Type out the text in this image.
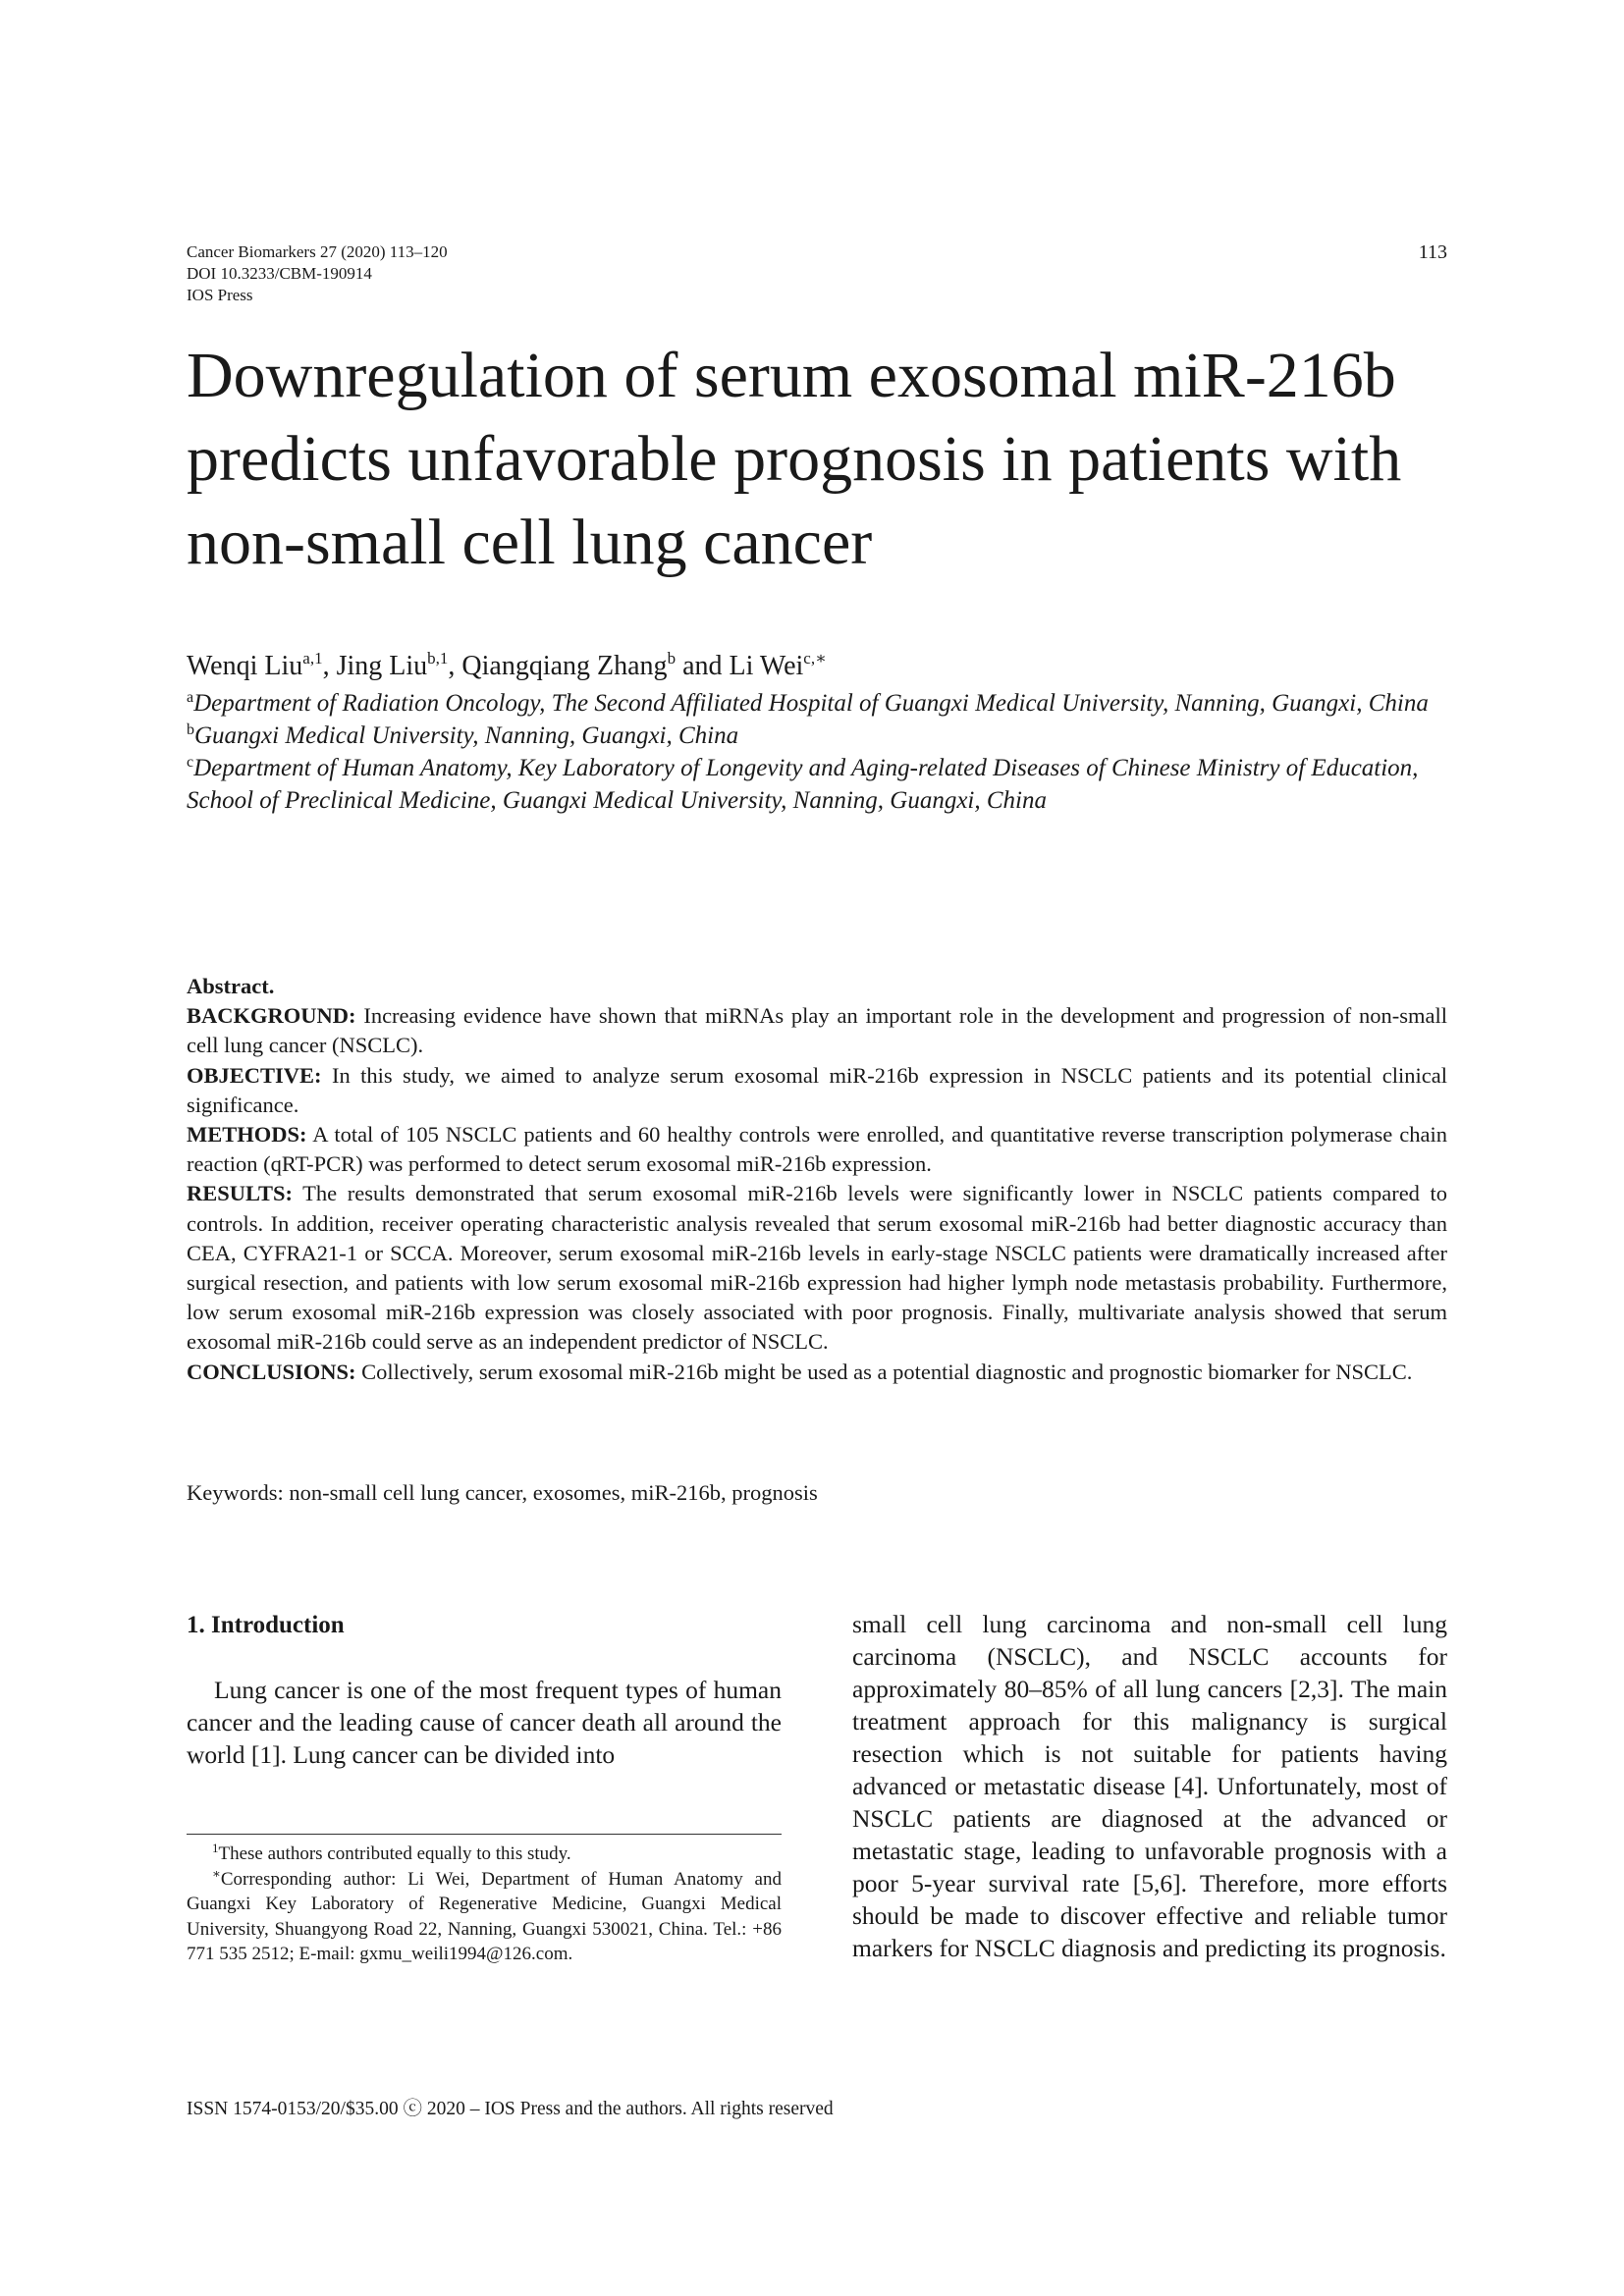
Cancer Biomarkers 27 (2020) 113–120
DOI 10.3233/CBM-190914
IOS Press
113
Downregulation of serum exosomal miR-216b predicts unfavorable prognosis in patients with non-small cell lung cancer
Wenqi Liu$^{a,1}$, Jing Liu$^{b,1}$, Qiangqiang Zhang$^b$ and Li Wei$^{c,∗}$
$^a$Department of Radiation Oncology, The Second Affiliated Hospital of Guangxi Medical University, Nanning, Guangxi, China
$^b$Guangxi Medical University, Nanning, Guangxi, China
$^c$Department of Human Anatomy, Key Laboratory of Longevity and Aging-related Diseases of Chinese Ministry of Education, School of Preclinical Medicine, Guangxi Medical University, Nanning, Guangxi, China
Abstract.

BACKGROUND: Increasing evidence have shown that miRNAs play an important role in the development and progression of non-small cell lung cancer (NSCLC).

OBJECTIVE: In this study, we aimed to analyze serum exosomal miR-216b expression in NSCLC patients and its potential clinical significance.

METHODS: A total of 105 NSCLC patients and 60 healthy controls were enrolled, and quantitative reverse transcription polymerase chain reaction (qRT-PCR) was performed to detect serum exosomal miR-216b expression.

RESULTS: The results demonstrated that serum exosomal miR-216b levels were significantly lower in NSCLC patients compared to controls. In addition, receiver operating characteristic analysis revealed that serum exosomal miR-216b had better diagnostic accuracy than CEA, CYFRA21-1 or SCCA. Moreover, serum exosomal miR-216b levels in early-stage NSCLC patients were dramatically increased after surgical resection, and patients with low serum exosomal miR-216b expression had higher lymph node metastasis probability. Furthermore, low serum exosomal miR-216b expression was closely associated with poor prognosis. Finally, multivariate analysis showed that serum exosomal miR-216b could serve as an independent predictor of NSCLC.

CONCLUSIONS: Collectively, serum exosomal miR-216b might be used as a potential diagnostic and prognostic biomarker for NSCLC.

Keywords: non-small cell lung cancer, exosomes, miR-216b, prognosis
1. Introduction

Lung cancer is one of the most frequent types of human cancer and the leading cause of cancer death all around the world [1]. Lung cancer can be divided into

$^1$These authors contributed equally to this study.

∗Corresponding author: Li Wei, Department of Human Anatomy and Guangxi Key Laboratory of Regenerative Medicine, Guangxi Medical University, Shuangyong Road 22, Nanning, Guangxi 530021, China. Tel.: +86 771 535 2512; E-mail: gxmu_weili1994@126.com.

small cell lung carcinoma and non-small cell lung carcinoma (NSCLC), and NSCLC accounts for approximately 80–85% of all lung cancers [2,3]. The main treatment approach for this malignancy is surgical resection which is not suitable for patients having advanced or metastatic disease [4]. Unfortunately, most of NSCLC patients are diagnosed at the advanced or metastatic stage, leading to unfavorable prognosis with a poor 5-year survival rate [5,6]. Therefore, more efforts should be made to discover effective and reliable tumor markers for NSCLC diagnosis and predicting its prognosis.

ISSN 1574-0153/20/$35.00 ⓒ 2020 – IOS Press and the authors. All rights reserved
